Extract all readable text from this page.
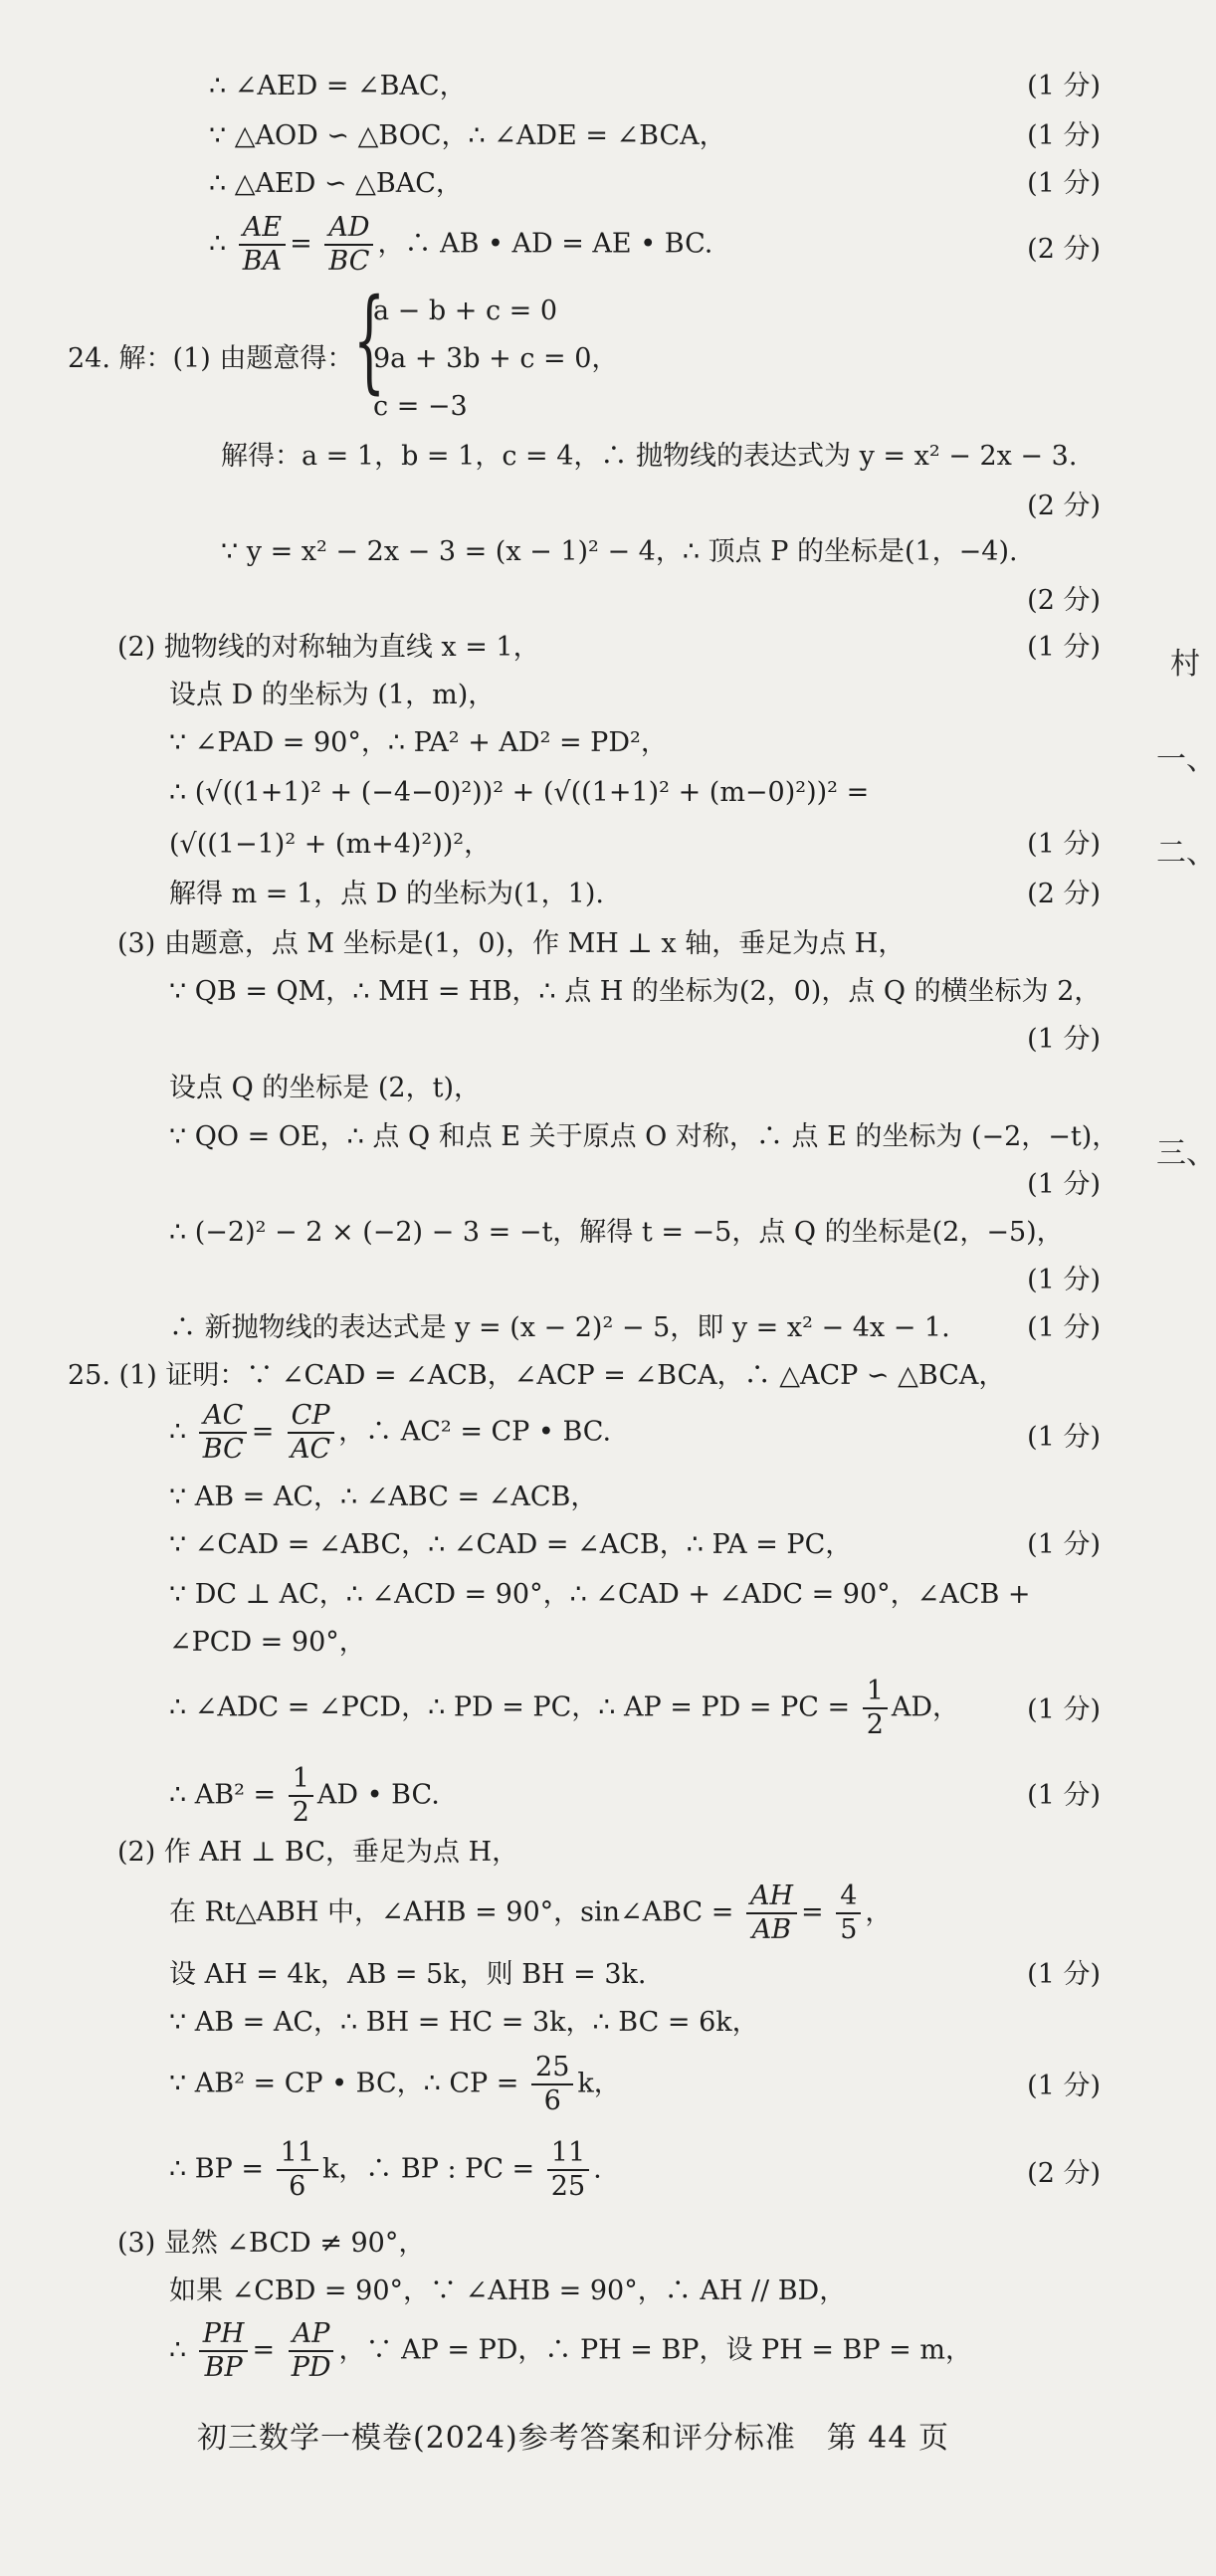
∴ ∠AED = ∠BAC，	(1 分)
∵ △AOD ∽ △BOC，∴ ∠ADE = ∠BCA，	(1 分)
∴ △AED ∽ △BAC，	(1 分)
∴ $\frac{AE}{BA} = \frac{AD}{BC}$ ，∴ AB • AD = AE • BC.	(2 分)
24. 解：(1) 由题意得： {
a − b + c = 0
9a + 3b + c = 0，
c = −3
解得：a = 1，b = 1，c = 4，∴ 抛物线的表达式为 y = x² − 2x − 3.
(2 分)
∵ y = x² − 2x − 3 = (x − 1)² − 4，∴ 顶点 P 的坐标是(1，−4).
(2 分)
(2) 抛物线的对称轴为直线 x = 1，	(1 分)
设点 D 的坐标为 (1，m)，
∵ ∠PAD = 90°，∴ PA² + AD² = PD²，
∴ (√((1+1)² + (−4−0)²))² + (√((1+1)² + (m−0)²))² =
(√((1−1)² + (m+4)²))²，	(1 分)
解得 m = 1，点 D 的坐标为(1，1).	(2 分)
(3) 由题意，点 M 坐标是(1，0)，作 MH ⊥ x 轴，垂足为点 H，
∵ QB = QM，∴ MH = HB，∴ 点 H 的坐标为(2，0)，点 Q 的横坐标为 2，
(1 分)
设点 Q 的坐标是 (2，t)，
∵ QO = OE，∴ 点 Q 和点 E 关于原点 O 对称，∴ 点 E 的坐标为 (−2，−t)，
(1 分)
∴ (−2)² − 2 × (−2) − 3 = −t，解得 t = −5，点 Q 的坐标是(2，−5)，
(1 分)
∴ 新抛物线的表达式是 y = (x − 2)² − 5，即 y = x² − 4x − 1.	(1 分)
25. (1) 证明：∵ ∠CAD = ∠ACB，∠ACP = ∠BCA，∴ △ACP ∽ △BCA，
∴ $\frac{AC}{BC} = \frac{CP}{AC}$ ，∴ AC² = CP • BC.	(1 分)
∵ AB = AC，∴ ∠ABC = ∠ACB，
∵ ∠CAD = ∠ABC，∴ ∠CAD = ∠ACB，∴ PA = PC，	(1 分)
∵ DC ⊥ AC，∴ ∠ACD = 90°，∴ ∠CAD + ∠ADC = 90°，∠ACB +
∠PCD = 90°，
∴ ∠ADC = ∠PCD，∴ PD = PC，∴ AP = PD = PC = $\frac{1}{2}$ AD，	(1 分)
∴ $AB^2 = \frac{1}{2}$ AD • BC.	(1 分)
(2) 作 AH ⊥ BC，垂足为点 H，
在 Rt△ABH 中，∠AHB = 90°，sin∠ABC = $\frac{AH}{AB} = \frac{4}{5}$ ，
设 AH = 4k，AB = 5k，则 BH = 3k.	(1 分)
∵ AB = AC，∴ BH = HC = 3k，∴ BC = 6k，
∵ AB² = CP • BC，∴ CP = $\frac{25}{6}$ k，	(1 分)
∴ BP = $\frac{11}{6}$ k，∴ BP : PC = $\frac{11}{25}$ .	(2 分)
(3) 显然 ∠BCD ≠ 90°，
如果 ∠CBD = 90°，∵ ∠AHB = 90°，∴ AH // BD，
∴ $\frac{PH}{BP} = \frac{AP}{PD}$ ，∵ AP = PD，∴ PH = BP，设 PH = BP = m，
村
一、
二、
三、
初三数学一模卷(2024)参考答案和评分标准　第 44 页
